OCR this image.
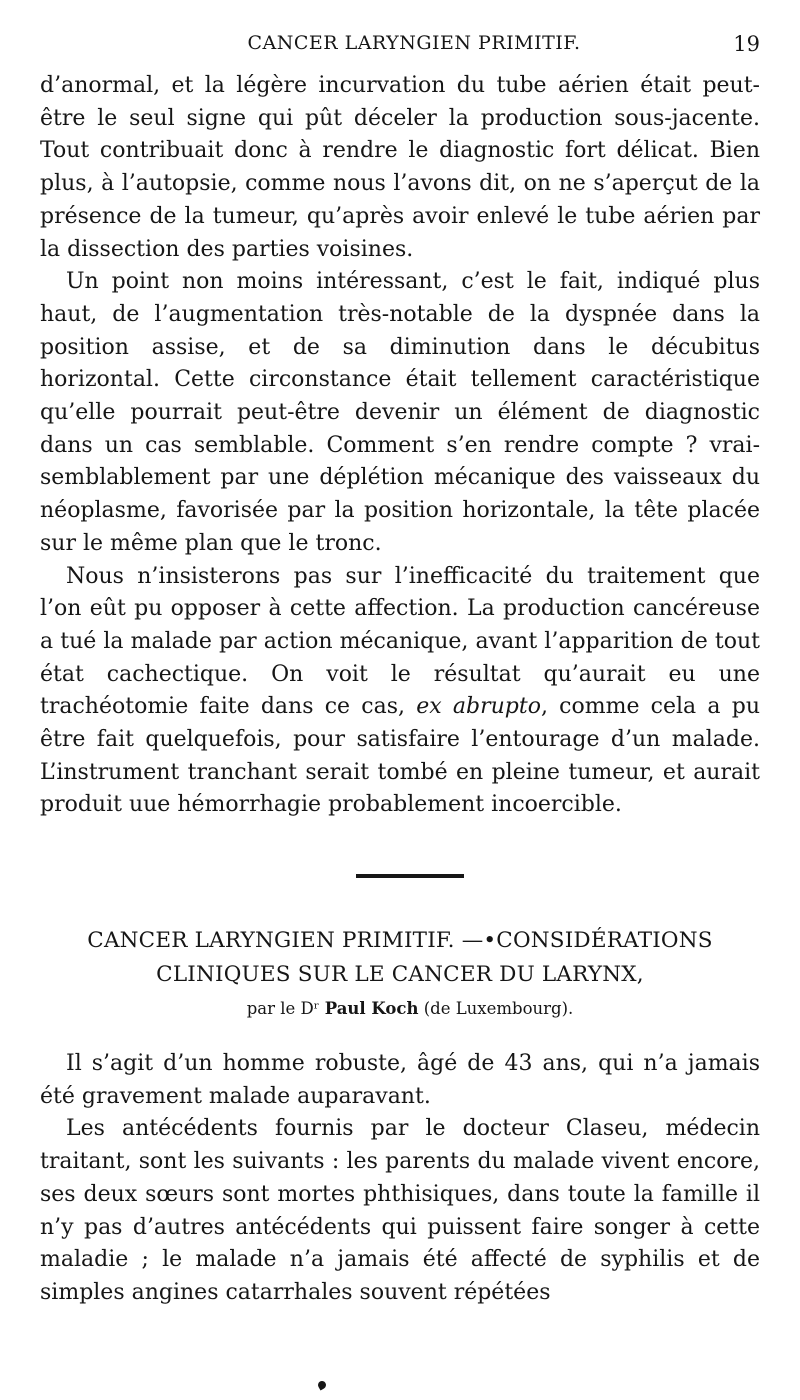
CANCER LARYNGIEN PRIMITIF.	19

d’anormal, et la légère incurvation du tube aérien était peut-être le seul signe qui pût déceler la production sous-jacente. Tout contribuait donc à rendre le diagnostic fort délicat. Bien plus, à l’autopsie, comme nous l’avons dit, on ne s’aperçut de la présence de la tumeur, qu’après avoir enlevé le tube aérien par la dissection des parties voisines.

Un point non moins intéressant, c’est le fait, indiqué plus haut, de l’augmentation très-notable de la dyspnée dans la position assise, et de sa diminution dans le décubitus horizontal. Cette circonstance était tellement caractéristique qu’elle pourrait peut-être devenir un élément de diagnostic dans un cas semblable. Comment s’en rendre compte ? vraisemblablement par une déplétion mécanique des vaisseaux du néoplasme, favorisée par la position horizontale, la tête placée sur le même plan que le tronc.

Nous n’insisterons pas sur l’inefficacité du traitement que l’on eût pu opposer à cette affection. La production cancéreuse a tué la malade par action mécanique, avant l’apparition de tout état cachectique. On voit le résultat qu’aurait eu une trachéotomie faite dans ce cas, ex abrupto, comme cela a pu être fait quelquefois, pour satisfaire l’entourage d’un malade. L’instrument tranchant serait tombé en pleine tumeur, et aurait produit uue hémorrhagie probablement incoercible.

CANCER LARYNGIEN PRIMITIF. —•CONSIDÉRATIONS
CLINIQUES SUR LE CANCER DU LARYNX,
par le Dʳ Paul Koch (de Luxembourg).

Il s’agit d’un homme robuste, âgé de 43 ans, qui n’a jamais été gravement malade auparavant.

Les antécédents fournis par le docteur Claseu, médecin traitant, sont les suivants : les parents du malade vivent encore, ses deux sœurs sont mortes phthisiques, dans toute la famille il n’y pas d’autres antécédents qui puissent faire songer à cette maladie ; le malade n’a jamais été affecté de syphilis et de simples angines catarrhales souvent répétées
